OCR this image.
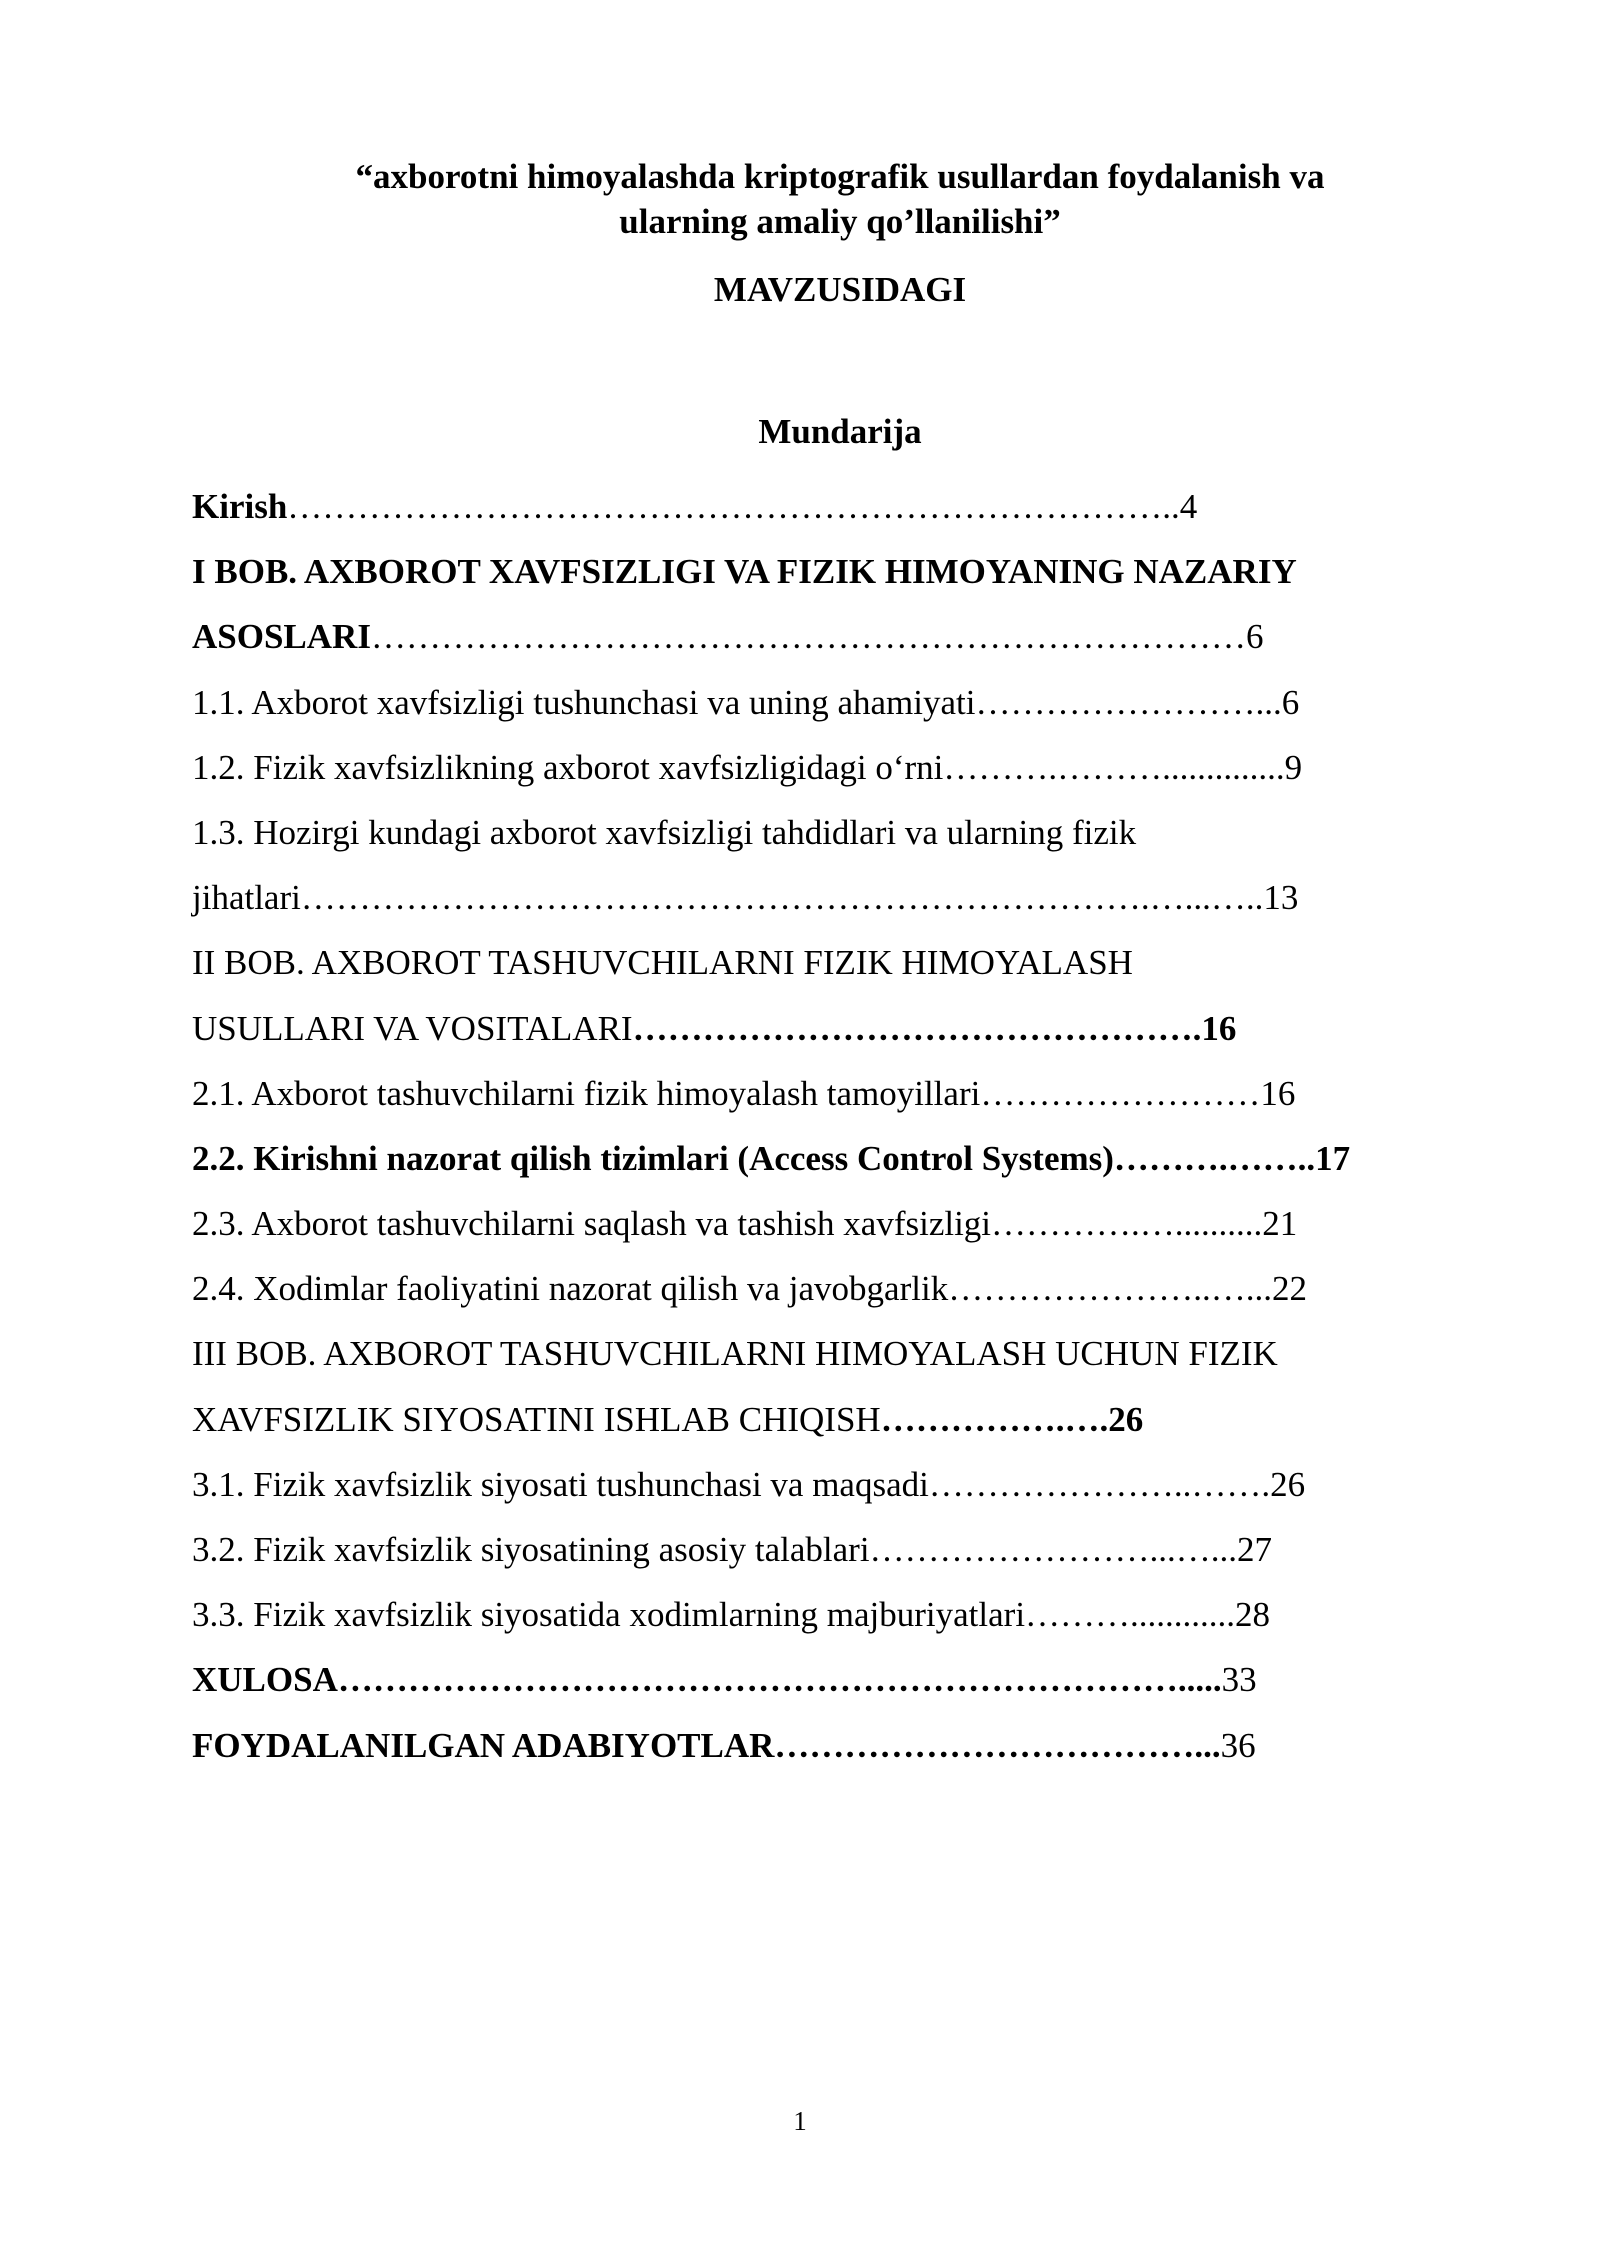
“axborotni himoyalashda kriptografik usullardan foydalanish va

ularning amaliy qo’llanilishi”

MAVZUSIDAGI

Mundarija

Kirish…………………………………………………………………..4
I BOB. AXBOROT XAVFSIZLIGI VA FIZIK HIMOYANING NAZARIY
ASOSLARI…………………………………………………………………6
1.1. Axborot xavfsizligi tushunchasi va uning ahamiyati……………………...6
1.2. Fizik xavfsizlikning axborot xavfsizligidagi o‘rni……….………..............9
1.3. Hozirgi kundagi axborot xavfsizligi tahdidlari va ularning fizik
jihatlari……………………………………………………………….…...…..13
II BOB. AXBOROT TASHUVCHILARNI FIZIK HIMOYALASH
USULLARI VA VOSITALARI………………………………………….16
2.1. Axborot tashuvchilarni fizik himoyalash tamoyillari……………………16
2.2. Kirishni nazorat qilish tizimlari (Access Control Systems)……….……..17
2.3. Axborot tashuvchilarni saqlash va tashish xavfsizligi………….…..........21
2.4. Xodimlar faoliyatini nazorat qilish va javobgarlik…………………..…...22
III BOB. AXBOROT TASHUVCHILARNI HIMOYALASH UCHUN FIZIK
XAVFSIZLIK SIYOSATINI ISHLAB CHIQISH…………….….26
3.1. Fizik xavfsizlik siyosati tushunchasi va maqsadi…………………..…….26
3.2. Fizik xavfsizlik siyosatining asosiy talablari……………………...…...27
3.3. Fizik xavfsizlik siyosatida xodimlarning majburiyatlari………............28
XULOSA……………………………………………………………….....33
FOYDALANILGAN ADABIYOTLAR………………………………...36
1
